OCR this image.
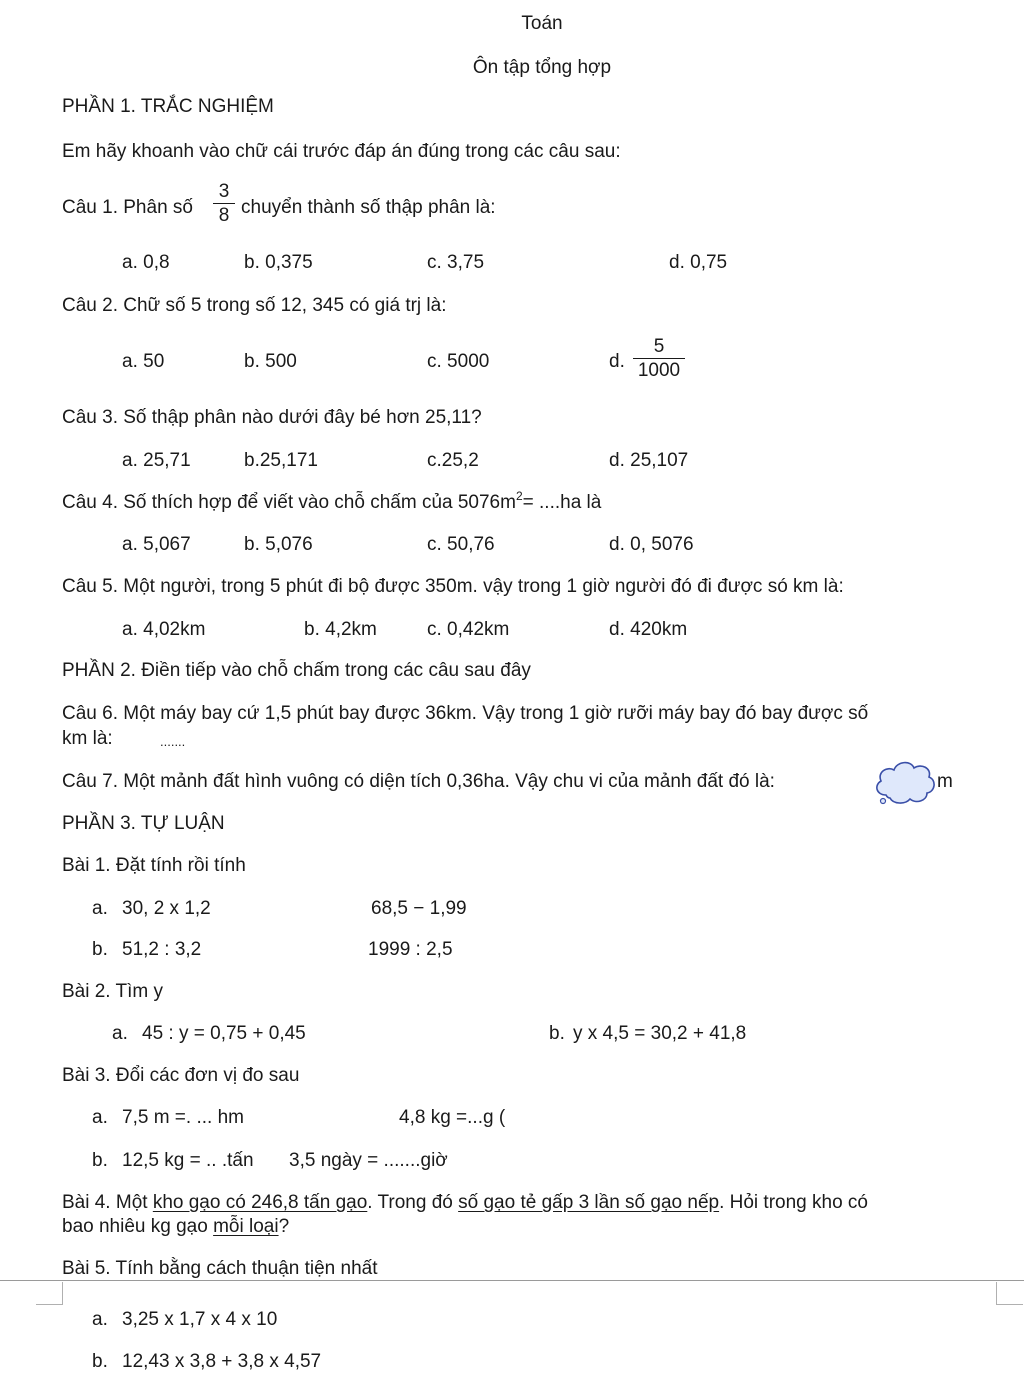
Toán
Ôn tập tổng hợp
PHẦN 1. TRẮC NGHIỆM
Em hãy khoanh vào chữ cái trước đáp án đúng trong các câu sau:
Câu 1. Phân số
3
8 chuyển thành số thập phân là:
a. 0,8	b. 0,375	c. 3,75	d. 0,75
Câu 2. Chữ số 5 trong số 12, 345 có giá trj là:
a. 50	b. 500	c. 5000	d.
5
1000
Câu 3. Số thập phân nào dưới đây bé hơn 25,11?
a. 25,71	b.25,171	c.25,2	d. 25,107
Câu 4. Số thích hợp để viết vào chỗ chấm của $5076m^2= ....ha$ là
a. 5,067	b. 5,076	c. 50,76	d. 0, 5076
Câu 5. Một người, trong 5 phút đi bộ được 350m. vậy trong 1 giờ người đó đi được só km là:
a. 4,02km	b. 4,2km	c. 0,42km	d. 420km
PHẦN 2. Điền tiếp vào chỗ chấm trong các câu sau đây
Câu 6. Một máy bay cứ 1,5 phút bay được 36km. Vậy trong 1 giờ rưỡi máy bay đó bay được số
km là:	.......
Câu 7. Một mảnh đất hình vuông có diện tích 0,36ha. Vậy chu vi của mảnh đất đó là:	m
PHẦN 3. TỰ LUẬN
Bài 1. Đặt tính rồi tính
a. 30, 2 x 1,2	68,5 − 1,99
b. 51,2 : 3,2	1999 : 2,5
Bài 2. Tìm y
a. 45 : y = 0,75 + 0,45	b. y x 4,5 = 30,2 + 41,8
Bài 3. Đổi các đơn vị đo sau
a. 7,5 m =. ... hm	4,8 kg =...g (
b. 12,5 kg = .. .tấn 3,5 ngày = .......giờ
Bài 4. Một kho gạo có 246,8 tấn gạo. Trong đó số gạo tẻ gấp 3 lần số gạo nếp. Hỏi trong kho có
bao nhiêu kg gạo mỗi loại?
Bài 5. Tính bằng cách thuận tiện nhất
a. 3,25 x 1,7 x 4 x 10
b. 12,43 x 3,8 + 3,8 x 4,57
